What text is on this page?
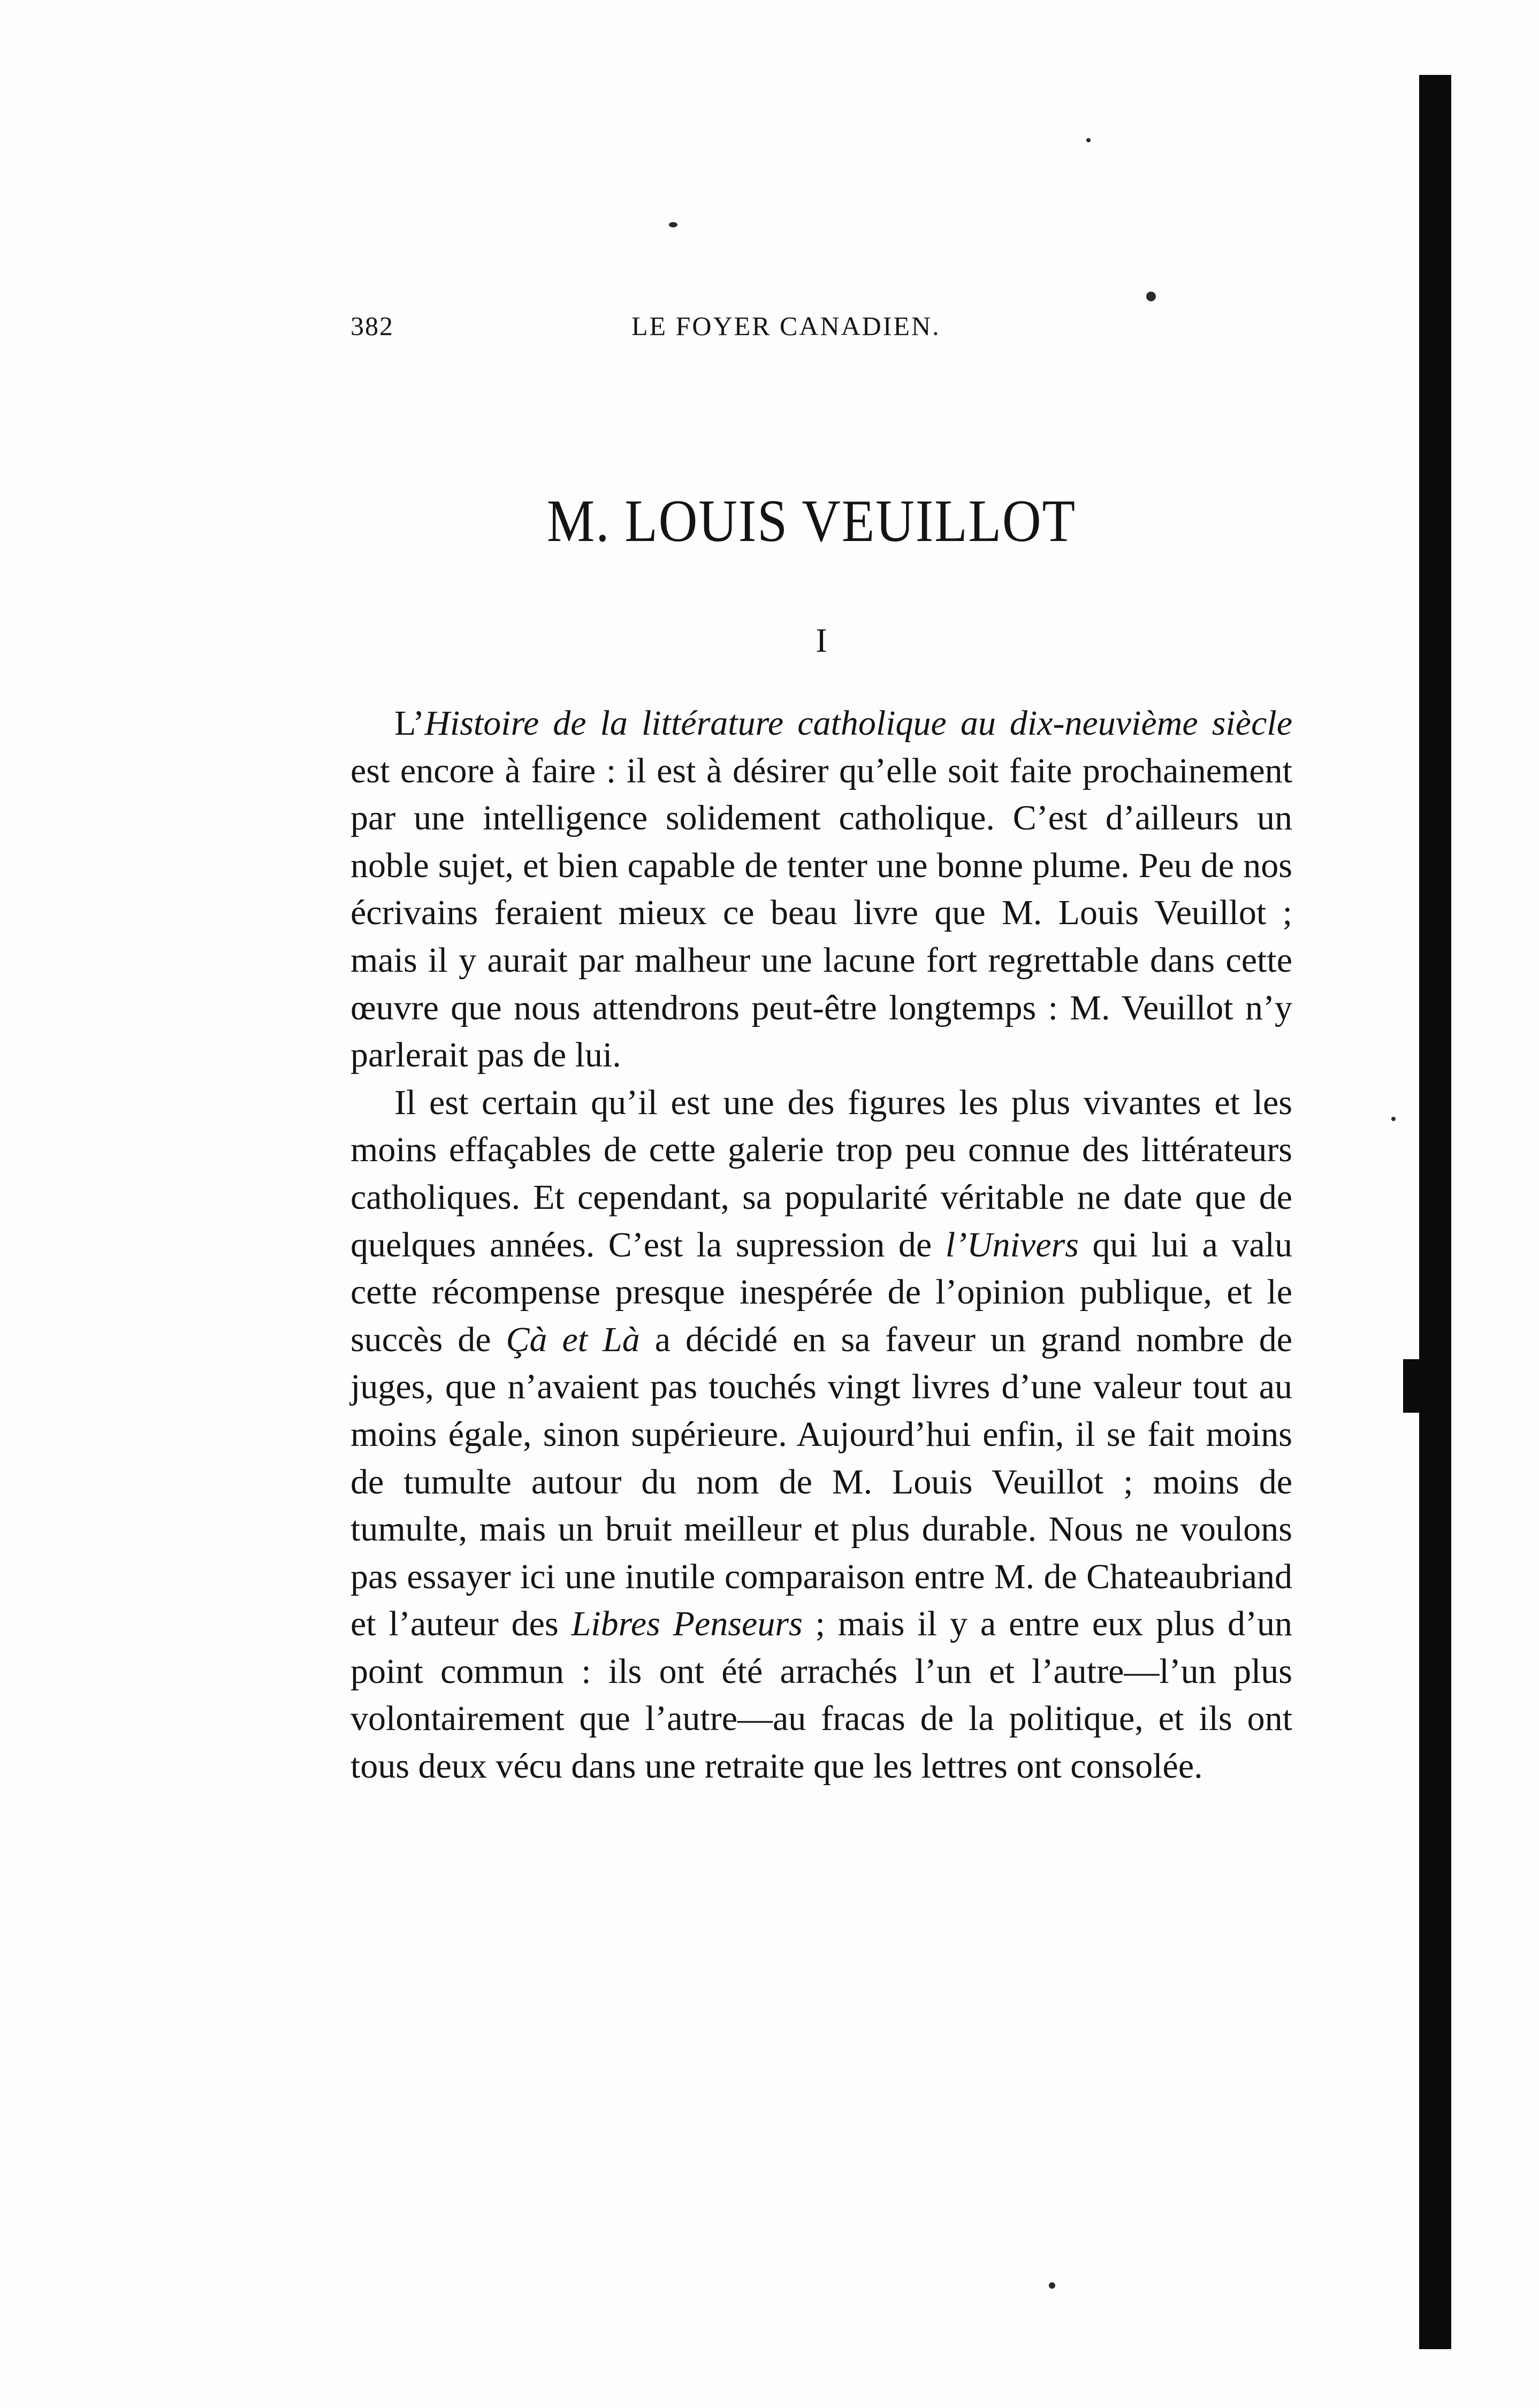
382	LE FOYER CANADIEN.
M. LOUIS VEUILLOT
I

L’Histoire de la littérature catholique au dix-neuvième siècle est encore à faire : il est à désirer qu’elle soit faite prochainement par une intelligence solidement catholique. C’est d’ailleurs un noble sujet, et bien capable de tenter une bonne plume. Peu de nos écrivains feraient mieux ce beau livre que M. Louis Veuillot ; mais il y aurait par malheur une lacune fort regrettable dans cette œuvre que nous attendrons peut-être longtemps : M. Veuillot n’y parlerait pas de lui.

Il est certain qu’il est une des figures les plus vivantes et les moins effaçables de cette galerie trop peu connue des littérateurs catholiques. Et cependant, sa popularité véritable ne date que de quelques années. C’est la supression de l’Univers qui lui a valu cette récompense presque inespérée de l’opinion publique, et le succès de Çà et Là a décidé en sa faveur un grand nombre de juges, que n’avaient pas touchés vingt livres d’une valeur tout au moins égale, sinon supérieure. Aujourd’hui enfin, il se fait moins de tumulte autour du nom de M. Louis Veuillot ; moins de tumulte, mais un bruit meilleur et plus durable. Nous ne voulons pas essayer ici une inutile comparaison entre M. de Chateaubriand et l’auteur des Libres Penseurs ; mais il y a entre eux plus d’un point commun : ils ont été arrachés l’un et l’autre—l’un plus volontairement que l’autre—au fracas de la politique, et ils ont tous deux vécu dans une retraite que les lettres ont consolée.
